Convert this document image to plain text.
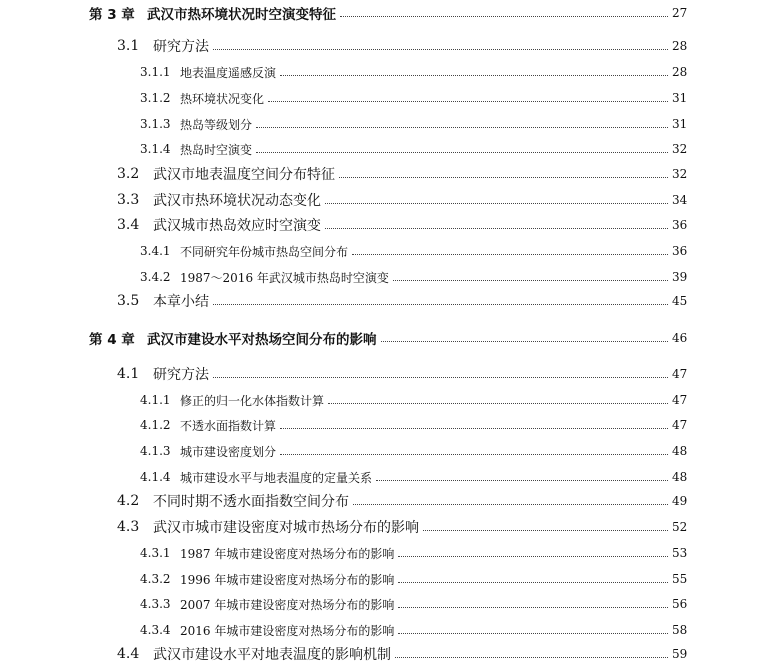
第 3 章 武汉市热环境状况时空演变特征	27
3.1 研究方法	28
3.1.1 地表温度遥感反演	28
3.1.2 热环境状况变化	31
3.1.3 热岛等级划分	31
3.1.4 热岛时空演变	32
3.2 武汉市地表温度空间分布特征	32
3.3 武汉市热环境状况动态变化	34
3.4 武汉城市热岛效应时空演变	36
3.4.1 不同研究年份城市热岛空间分布	36
3.4.2 1987～2016 年武汉城市热岛时空演变	39
3.5 本章小结	45
第 4 章 武汉市建设水平对热场空间分布的影响	46
4.1 研究方法	47
4.1.1 修正的归一化水体指数计算	47
4.1.2 不透水面指数计算	47
4.1.3 城市建设密度划分	48
4.1.4 城市建设水平与地表温度的定量关系	48
4.2 不同时期不透水面指数空间分布	49
4.3 武汉市城市建设密度对城市热场分布的影响	52
4.3.1 1987 年城市建设密度对热场分布的影响	53
4.3.2 1996 年城市建设密度对热场分布的影响	55
4.3.3 2007 年城市建设密度对热场分布的影响	56
4.3.4 2016 年城市建设密度对热场分布的影响	58
4.4 武汉市建设水平对地表温度的影响机制	59
